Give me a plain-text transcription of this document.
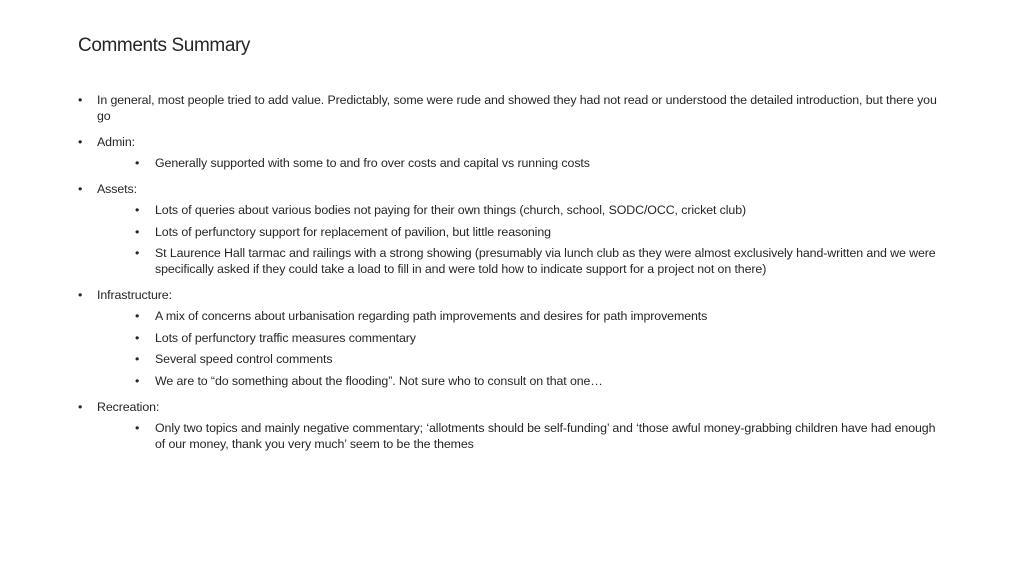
Comments Summary
• In general, most people tried to add value. Predictably, some were rude and showed they had not read or understood the detailed introduction, but there you go
• Admin:
• Generally supported with some to and fro over costs and capital vs running costs
• Assets:
• Lots of queries about various bodies not paying for their own things (church, school, SODC/OCC, cricket club)
• Lots of perfunctory support for replacement of pavilion, but little reasoning
• St Laurence Hall tarmac and railings with a strong showing (presumably via lunch club as they were almost exclusively hand-written and we were specifically asked if they could take a load to fill in and were told how to indicate support for a project not on there)
• Infrastructure:
• A mix of concerns about urbanisation regarding path improvements and desires for path improvements
• Lots of perfunctory traffic measures commentary
• Several speed control comments
• We are to “do something about the flooding”. Not sure who to consult on that one…
• Recreation:
• Only two topics and mainly negative commentary; ‘allotments should be self-funding’ and ‘those awful money-grabbing children have had enough of our money, thank you very much’ seem to be the themes
